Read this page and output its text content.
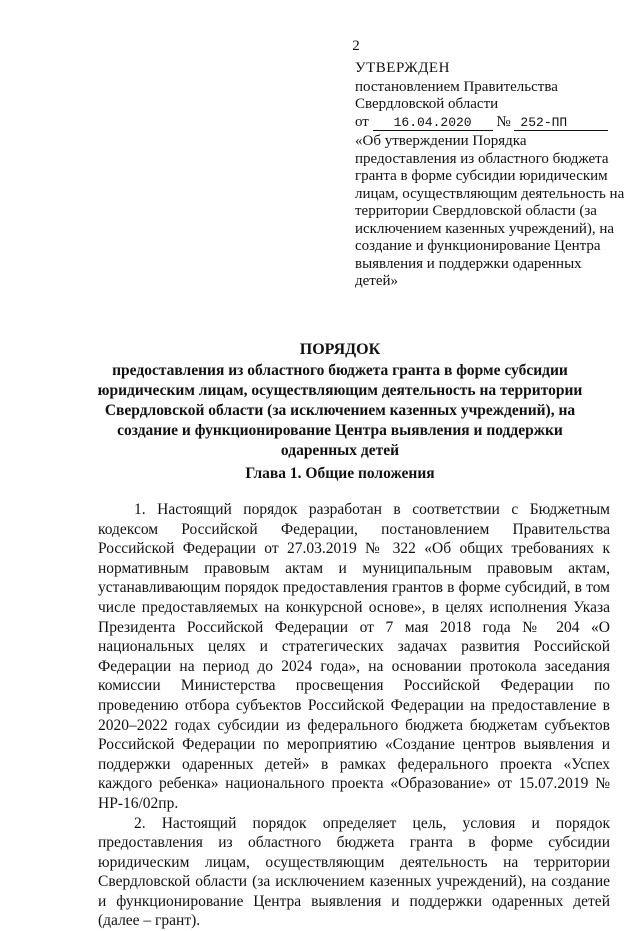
2
УТВЕРЖДЕН
постановлением Правительства
Свердловской области
от 16.04.2020 № 252-ПП
«Об утверждении Порядка предоставления из областного бюджета гранта в форме субсидии юридическим лицам, осуществляющим деятельность на территории Свердловской области (за исключением казенных учреждений), на создание и функционирование Центра выявления и поддержки одаренных детей»
ПОРЯДОК
предоставления из областного бюджета гранта в форме субсидии юридическим лицам, осуществляющим деятельность на территории Свердловской области (за исключением казенных учреждений), на создание и функционирование Центра выявления и поддержки одаренных детей
Глава 1. Общие положения

1. Настоящий порядок разработан в соответствии с Бюджетным кодексом Российской Федерации, постановлением Правительства Российской Федерации от 27.03.2019 № 322 «Об общих требованиях к нормативным правовым актам и муниципальным правовым актам, устанавливающим порядок предоставления грантов в форме субсидий, в том числе предоставляемых на конкурсной основе», в целях исполнения Указа Президента Российской Федерации от 7 мая 2018 года № 204 «О национальных целях и стратегических задачах развития Российской Федерации на период до 2024 года», на основании протокола заседания комиссии Министерства просвещения Российской Федерации по проведению отбора субъектов Российской Федерации на предоставление в 2020–2022 годах субсидии из федерального бюджета бюджетам субъектов Российской Федерации по мероприятию «Создание центров выявления и поддержки одаренных детей» в рамках федерального проекта «Успех каждого ребенка» национального проекта «Образование» от 15.07.2019 № НР-16/02пр.

2. Настоящий порядок определяет цель, условия и порядок предоставления из областного бюджета гранта в форме субсидии юридическим лицам, осуществляющим деятельность на территории Свердловской области (за исключением казенных учреждений), на создание и функционирование Центра выявления и поддержки одаренных детей (далее – грант).
